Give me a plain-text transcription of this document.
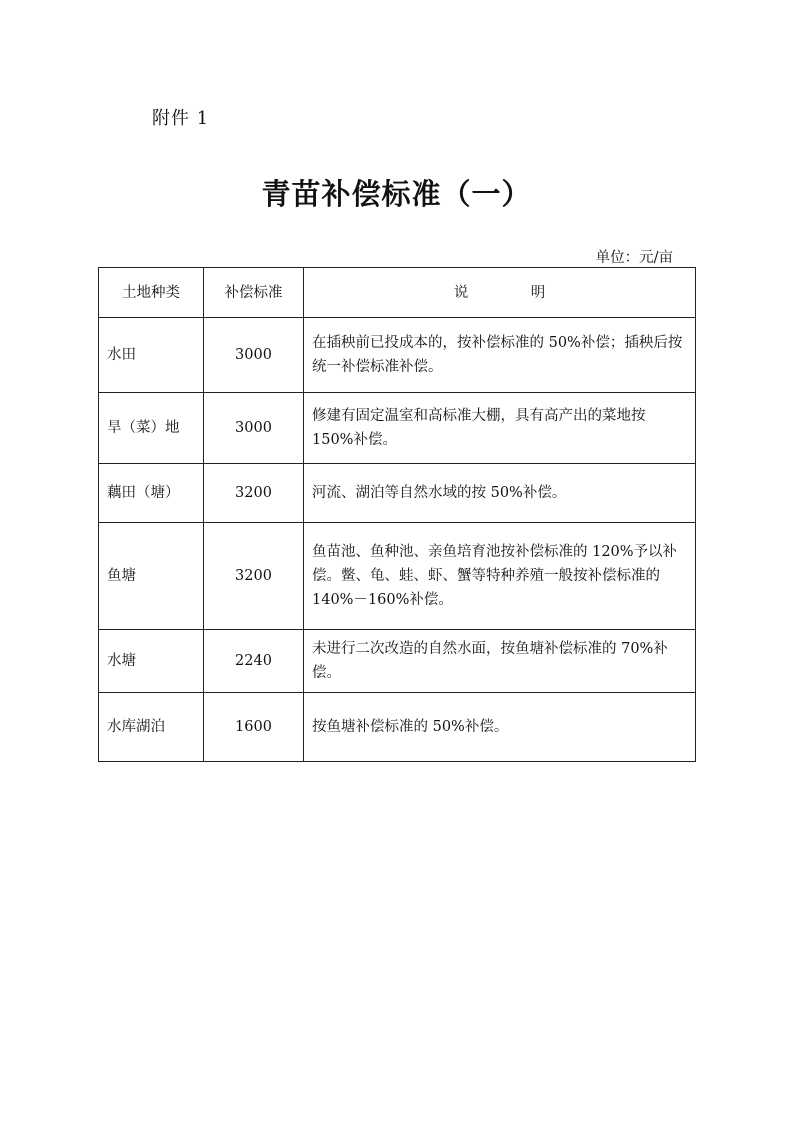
附件 1
青苗补偿标准（一）
单位：元/亩
土地种类	补偿标准	说　明
水田	3000	在插秧前已投成本的，按补偿标准的 50%补偿；插秧后按统一补偿标准补偿。
旱（菜）地	3000	修建有固定温室和高标准大棚，具有高产出的菜地按 150%补偿。
藕田（塘）	3200	河流、湖泊等自然水域的按 50%补偿。
鱼塘	3200	鱼苗池、鱼种池、亲鱼培育池按补偿标准的 120%予以补偿。鳖、龟、蛙、虾、蟹等特种养殖一般按补偿标准的 140%－160%补偿。
水塘	2240	未进行二次改造的自然水面，按鱼塘补偿标准的 70%补偿。
水库湖泊	1600	按鱼塘补偿标准的 50%补偿。
